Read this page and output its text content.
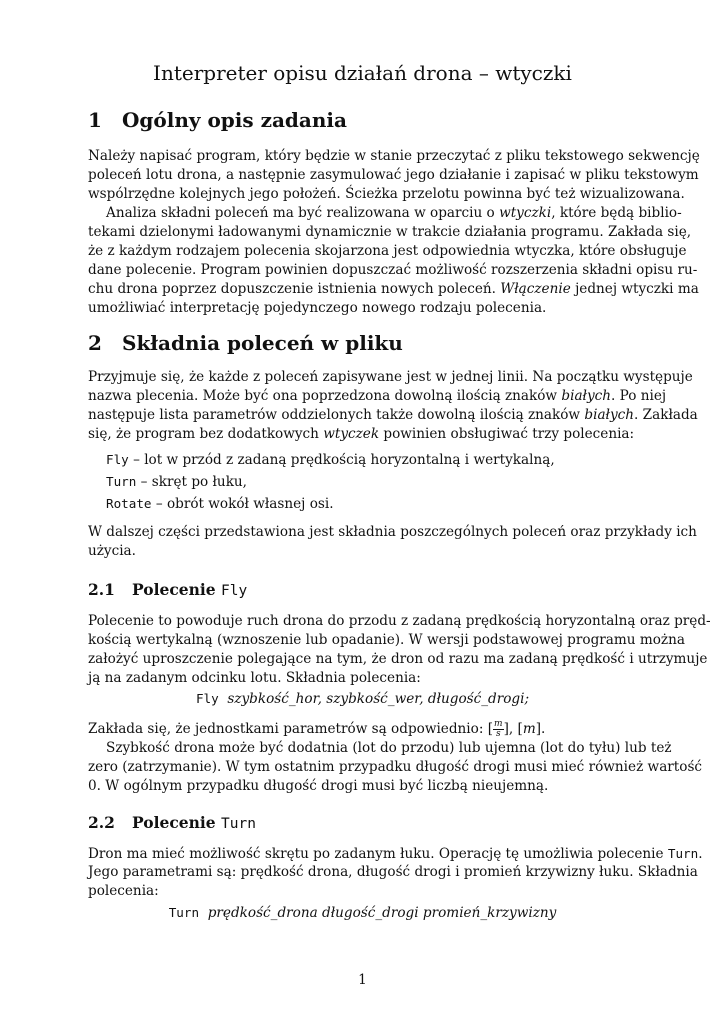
Interpreter opisu działań drona – wtyczki
1 Ogólny opis zadania

Należy napisać program, który będzie w stanie przeczytać z pliku tekstowego sekwencję

poleceń lotu drona, a następnie zasymulować jego działanie i zapisać w pliku tekstowym

wspólrzędne kolejnych jego położeń. Ścieżka przelotu powinna być też wizualizowana.

Analiza składni poleceń ma być realizowana w oparciu o wtyczki, które będą biblio-

tekami dzielonymi ładowanymi dynamicznie w trakcie działania programu. Zakłada się,

że z każdym rodzajem polecenia skojarzona jest odpowiednia wtyczka, które obsługuje

dane polecenie. Program powinien dopuszczać możliwość rozszerzenia składni opisu ru-

chu drona poprzez dopuszczenie istnienia nowych poleceń. Włączenie jednej wtyczki ma

umożliwiać interpretację pojedynczego nowego rodzaju polecenia.

2 Składnia poleceń w pliku

Przyjmuje się, że każde z poleceń zapisywane jest w jednej linii. Na początku występuje

nazwa plecenia. Może być ona poprzedzona dowolną ilością znaków białych. Po niej

następuje lista parametrów oddzielonych także dowolną ilością znaków białych. Zakłada

się, że program bez dodatkowych wtyczek powinien obsługiwać trzy polecenia:

Fly – lot w przód z zadaną prędkością horyzontalną i wertykalną,

Turn – skręt po łuku,

Rotate – obrót wokół własnej osi.

W dalszej części przedstawiona jest składnia poszczególnych poleceń oraz przykłady ich

użycia.

2.1 Polecenie Fly

Polecenie to powoduje ruch drona do przodu z zadaną prędkością horyzontalną oraz pręd-

kością wertykalną (wznoszenie lub opadanie). W wersji podstawowej programu można

założyć uproszczenie polegające na tym, że dron od razu ma zadaną prędkość i utrzymuje

ją na zadanym odcinku lotu. Składnia polecenia:

Fly szybkość_hor, szybkość_wer, długość_drogi;

Zakłada się, że jednostkami parametrów są odpowiednio: [ $\frac{m}{s}$ ], [m].

Szybkość drona może być dodatnia (lot do przodu) lub ujemna (lot do tyłu) lub też

zero (zatrzymanie). W tym ostatnim przypadku długość drogi musi mieć również wartość

0. W ogólnym przypadku długość drogi musi być liczbą nieujemną.

2.2 Polecenie Turn

Dron ma mieć możliwość skrętu po zadanym łuku. Operację tę umożliwia polecenie Turn.

Jego parametrami są: prędkość drona, długość drogi i promień krzywizny łuku. Składnia

polecenia:

Turn prędkość_drona długość_drogi promień_krzywizny

1
